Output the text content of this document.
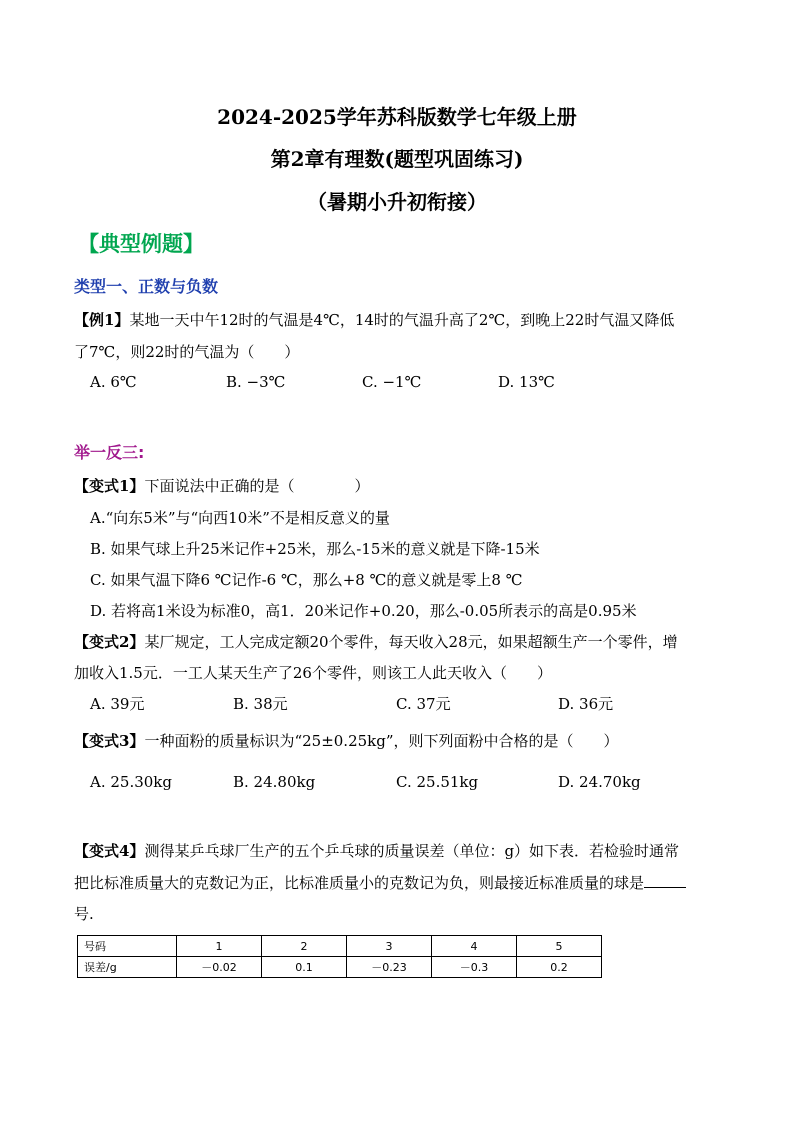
2024-2025学年苏科版数学七年级上册
第2章有理数(题型巩固练习)
（暑期小升初衔接）
【典型例题】
类型一、正数与负数
【例1】某地一天中午12时的气温是4℃，14时的气温升高了2℃，到晚上22时气温又降低
了7℃，则22时的气温为（　　）
A. 6℃	B. −3℃	C. −1℃	D. 13℃
举一反三:
【变式1】下面说法中正确的是（　　　　）
A.“向东5米”与“向西10米”不是相反意义的量
B. 如果气球上升25米记作+25米，那么-15米的意义就是下降-15米
C. 如果气温下降6 ℃记作-6 ℃，那么+8 ℃的意义就是零上8 ℃
D. 若将高1米设为标准0，高1．20米记作+0.20，那么-0.05所表示的高是0.95米
【变式2】某厂规定，工人完成定额20个零件，每天收入28元，如果超额生产一个零件，增
加收入1.5元．一工人某天生产了26个零件，则该工人此天收入（　　）
A. 39元	B. 38元	C. 37元	D. 36元
【变式3】一种面粉的质量标识为“25±0.25kg”，则下列面粉中合格的是（　　）
A. 25.30kg	B. 24.80kg	C. 25.51kg	D. 24.70kg
【变式4】测得某乒乓球厂生产的五个乒乓球的质量误差（单位：g）如下表．若检验时通常
把比标准质量大的克数记为正，比标准质量小的克数记为负，则最接近标准质量的球是
号.
号码	1	2	3	4	5
误差/g	－0.02	0.1	－0.23	－0.3	0.2
